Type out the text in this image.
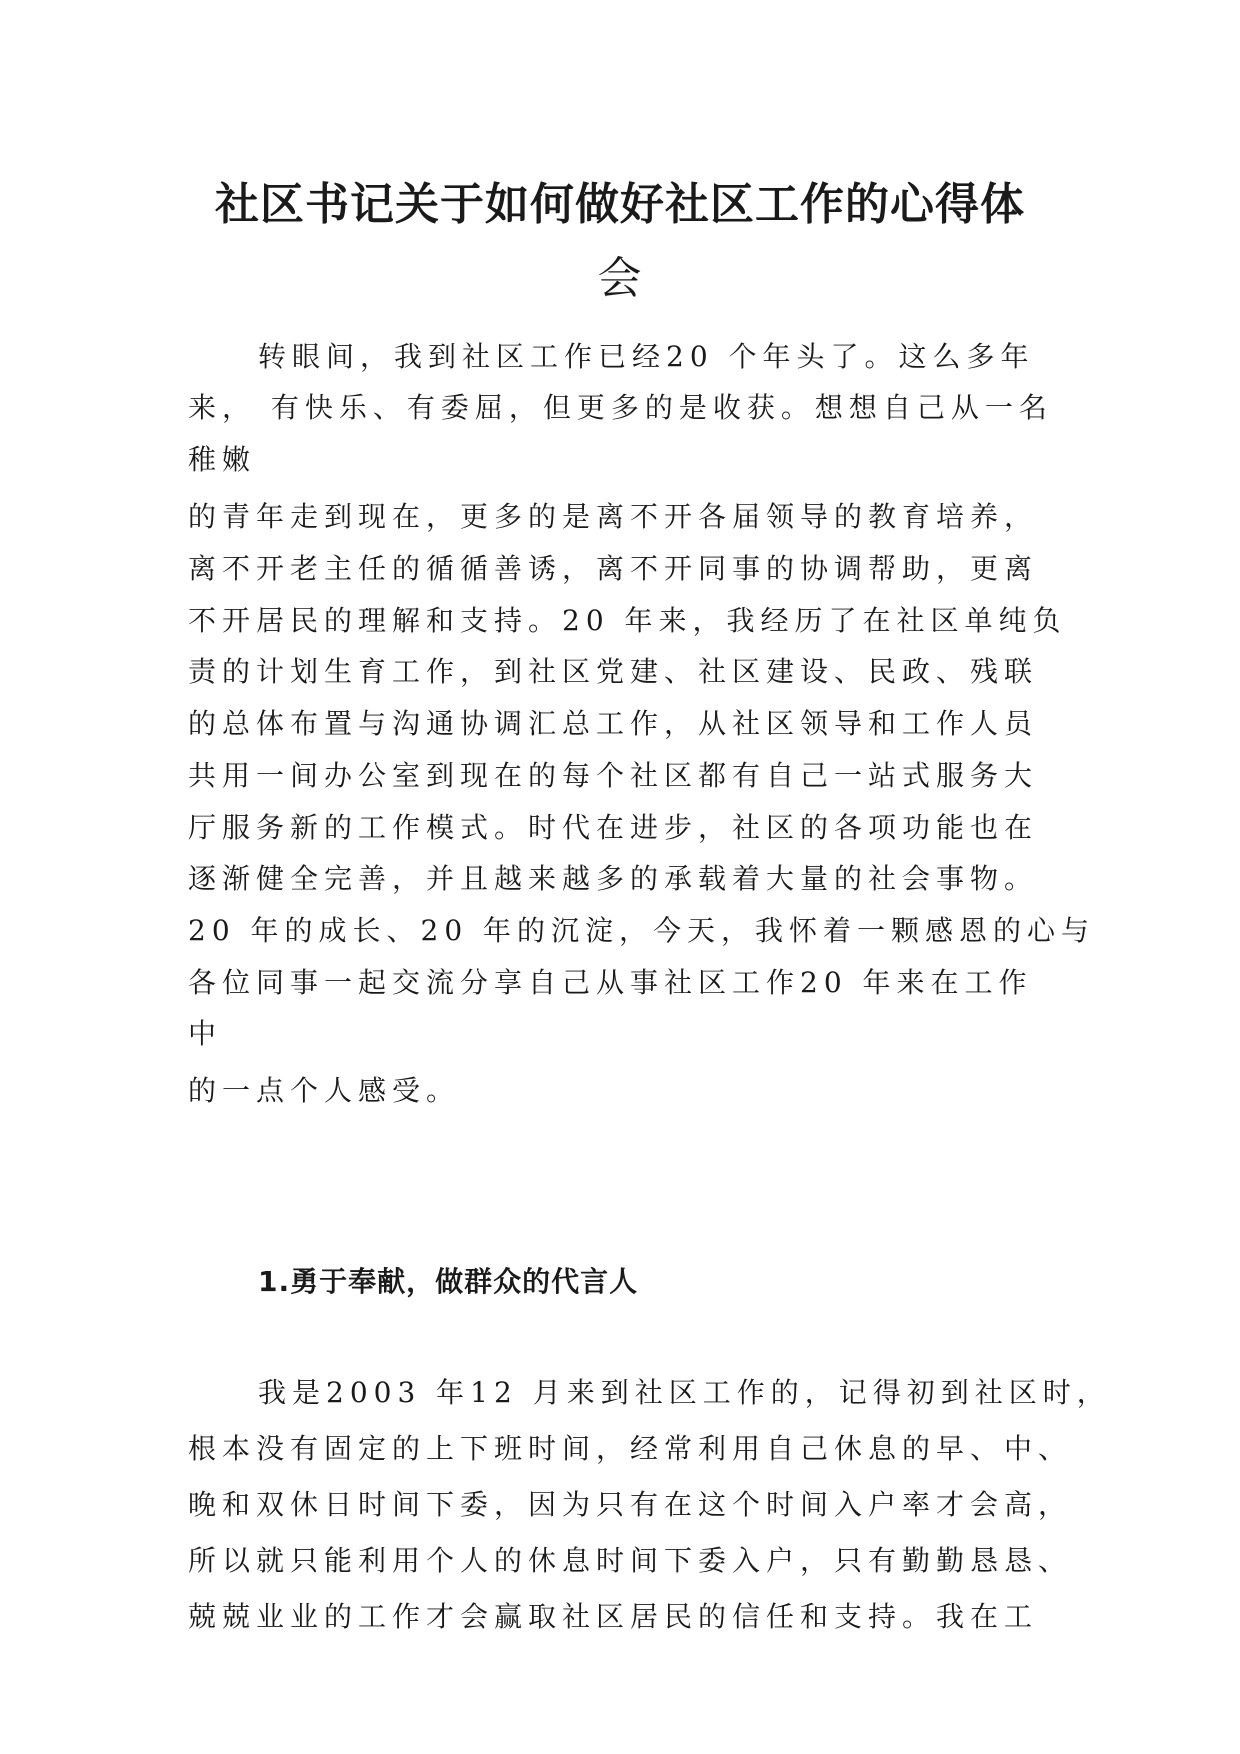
社区书记关于如何做好社区工作的心得体
会

转眼间，我到社区工作已经20 个年头了。这么多年

来， 有快乐、有委屈，但更多的是收获。想想自己从一名

稚嫩

的青年走到现在，更多的是离不开各届领导的教育培养，

离不开老主任的循循善诱，离不开同事的协调帮助，更离

不开居民的理解和支持。20 年来，我经历了在社区单纯负

责的计划生育工作，到社区党建、社区建设、民政、残联

的总体布置与沟通协调汇总工作，从社区领导和工作人员

共用一间办公室到现在的每个社区都有自己一站式服务大

厅服务新的工作模式。时代在进步，社区的各项功能也在

逐渐健全完善，并且越来越多的承载着大量的社会事物。

20 年的成长、20 年的沉淀，今天，我怀着一颗感恩的心与

各位同事一起交流分享自己从事社区工作20 年来在工作

中

的一点个人感受。

1.勇于奉献，做群众的代言人

我是2003 年12 月来到社区工作的，记得初到社区时，

根本没有固定的上下班时间，经常利用自己休息的早、中、

晚和双休日时间下委，因为只有在这个时间入户率才会高，

所以就只能利用个人的休息时间下委入户，只有勤勤恳恳、

兢兢业业的工作才会赢取社区居民的信任和支持。我在工
